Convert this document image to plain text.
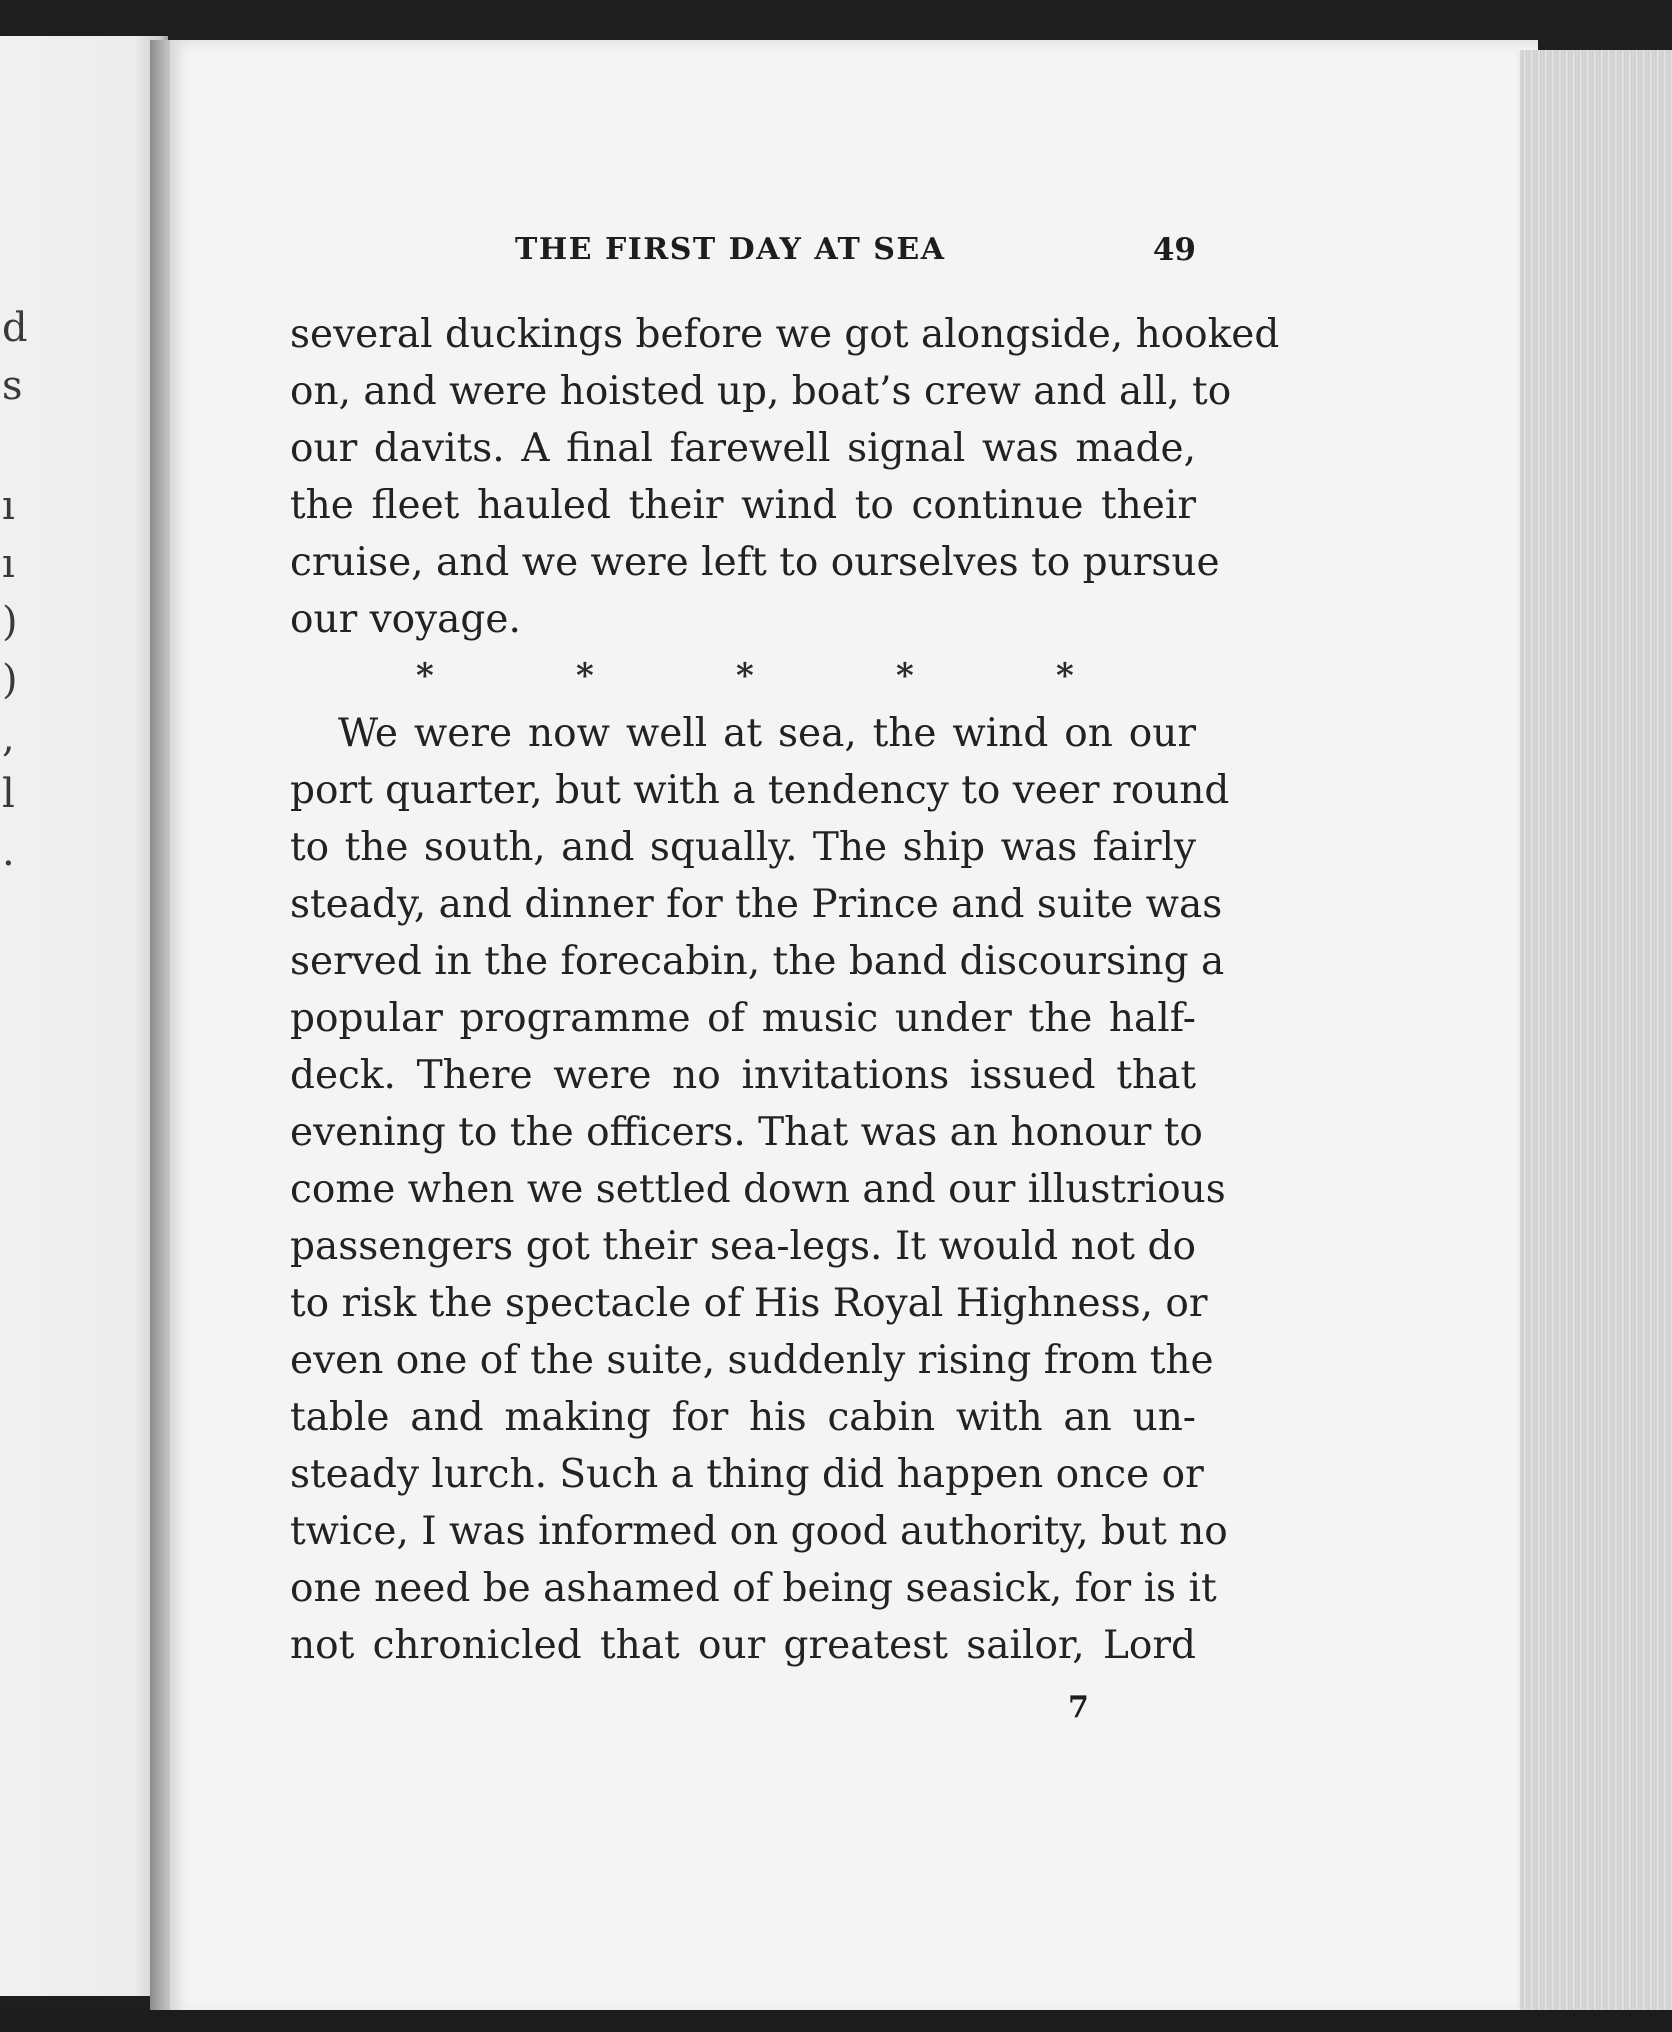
d
s
ı
ı
)
)
,
l
.
THE FIRST DAY AT SEA	49
several duckings before we got alongside, hooked
on, and were hoisted up, boat’s crew and all, to
our davits. A final farewell signal was made,
the fleet hauled their wind to continue their
cruise, and we were left to ourselves to pursue
our voyage.
*	*	*	*	*
We were now well at sea, the wind on our
port quarter, but with a tendency to veer round
to the south, and squally. The ship was fairly
steady, and dinner for the Prince and suite was
served in the forecabin, the band discoursing a
popular programme of music under the half-
deck. There were no invitations issued that
evening to the officers. That was an honour to
come when we settled down and our illustrious
passengers got their sea-legs. It would not do
to risk the spectacle of His Royal Highness, or
even one of the suite, suddenly rising from the
table and making for his cabin with an un-
steady lurch. Such a thing did happen once or
twice, I was informed on good authority, but no
one need be ashamed of being seasick, for is it
not chronicled that our greatest sailor, Lord
7
